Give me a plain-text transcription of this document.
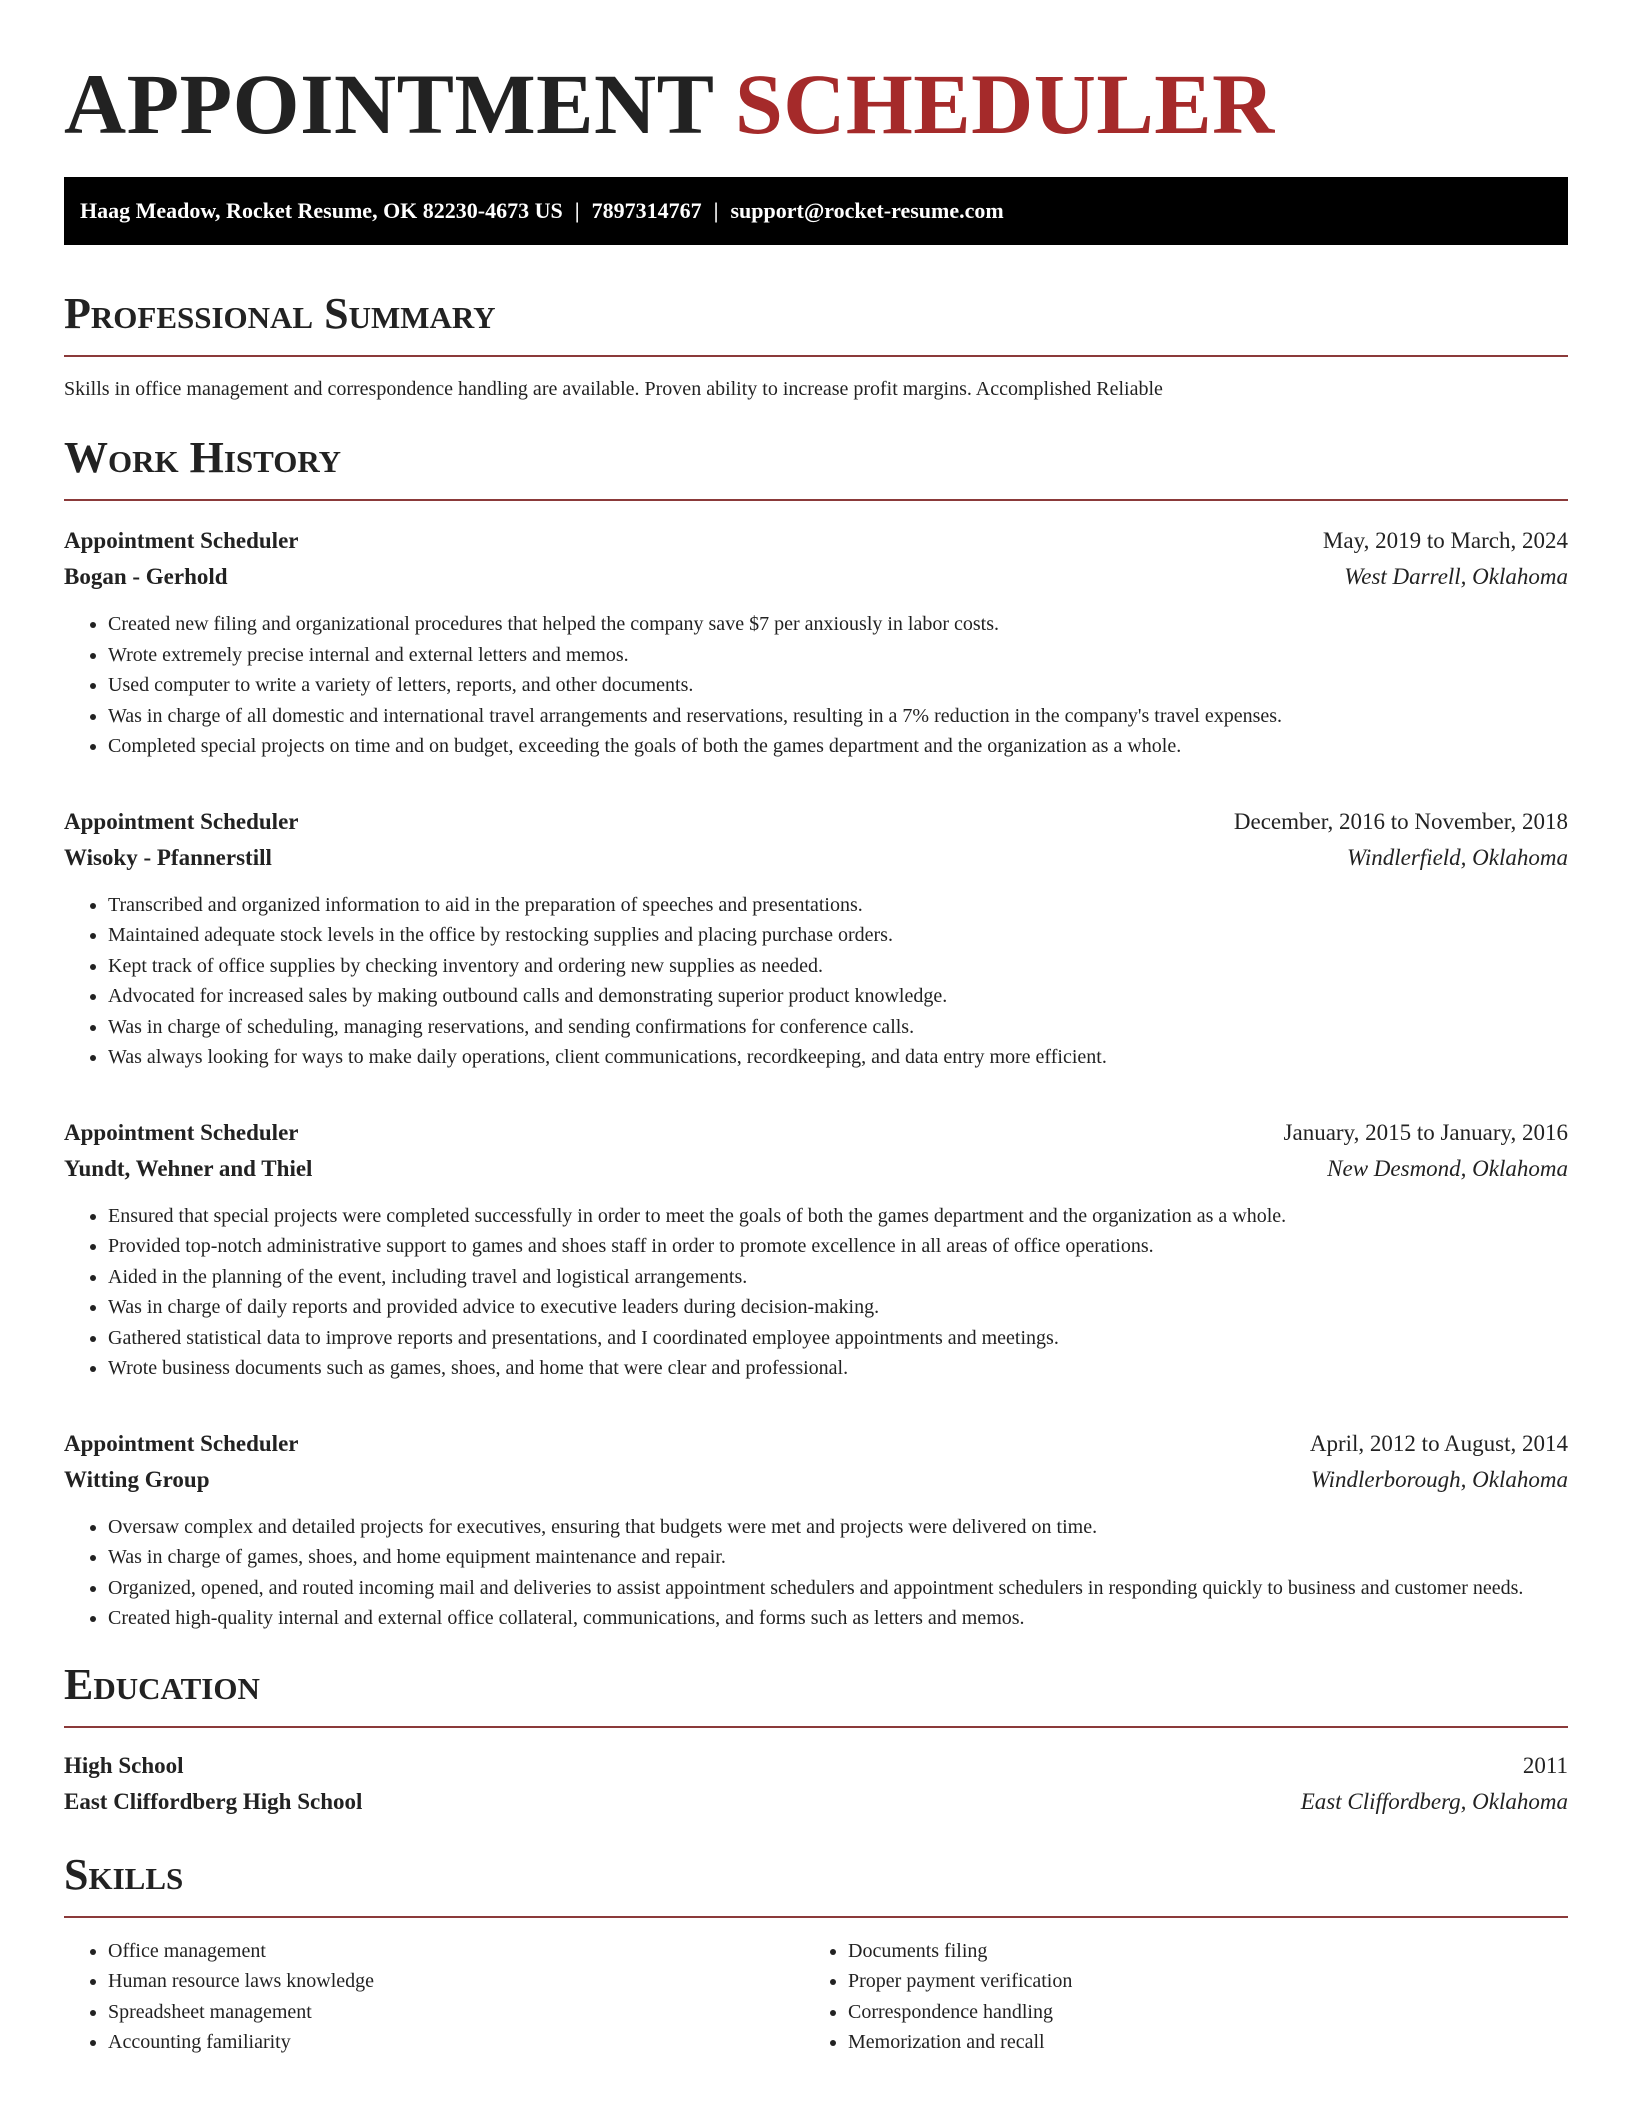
APPOINTMENT SCHEDULER
Haag Meadow, Rocket Resume, OK 82230-4673 US | 7897314767 | support@rocket-resume.com
Professional Summary

Skills in office management and correspondence handling are available. Proven ability to increase profit margins. Accomplished Reliable

Work History
Appointment Scheduler	May, 2019 to March, 2024
Bogan - Gerhold	West Darrell, Oklahoma
• Created new filing and organizational procedures that helped the company save $7 per anxiously in labor costs.
• Wrote extremely precise internal and external letters and memos.
• Used computer to write a variety of letters, reports, and other documents.
• Was in charge of all domestic and international travel arrangements and reservations, resulting in a 7% reduction in the company's travel expenses.
• Completed special projects on time and on budget, exceeding the goals of both the games department and the organization as a whole.
Appointment Scheduler	December, 2016 to November, 2018
Wisoky - Pfannerstill	Windlerfield, Oklahoma
• Transcribed and organized information to aid in the preparation of speeches and presentations.
• Maintained adequate stock levels in the office by restocking supplies and placing purchase orders.
• Kept track of office supplies by checking inventory and ordering new supplies as needed.
• Advocated for increased sales by making outbound calls and demonstrating superior product knowledge.
• Was in charge of scheduling, managing reservations, and sending confirmations for conference calls.
• Was always looking for ways to make daily operations, client communications, recordkeeping, and data entry more efficient.
Appointment Scheduler	January, 2015 to January, 2016
Yundt, Wehner and Thiel	New Desmond, Oklahoma
• Ensured that special projects were completed successfully in order to meet the goals of both the games department and the organization as a whole.
• Provided top-notch administrative support to games and shoes staff in order to promote excellence in all areas of office operations.
• Aided in the planning of the event, including travel and logistical arrangements.
• Was in charge of daily reports and provided advice to executive leaders during decision-making.
• Gathered statistical data to improve reports and presentations, and I coordinated employee appointments and meetings.
• Wrote business documents such as games, shoes, and home that were clear and professional.
Appointment Scheduler	April, 2012 to August, 2014
Witting Group	Windlerborough, Oklahoma
• Oversaw complex and detailed projects for executives, ensuring that budgets were met and projects were delivered on time.
• Was in charge of games, shoes, and home equipment maintenance and repair.
• Organized, opened, and routed incoming mail and deliveries to assist appointment schedulers and appointment schedulers in responding quickly to business and customer needs.
• Created high-quality internal and external office collateral, communications, and forms such as letters and memos.
Education
High School	2011
East Cliffordberg High School	East Cliffordberg, Oklahoma
Skills
• Office management
• Human resource laws knowledge
• Spreadsheet management
• Accounting familiarity
• Documents filing
• Proper payment verification
• Correspondence handling
• Memorization and recall
